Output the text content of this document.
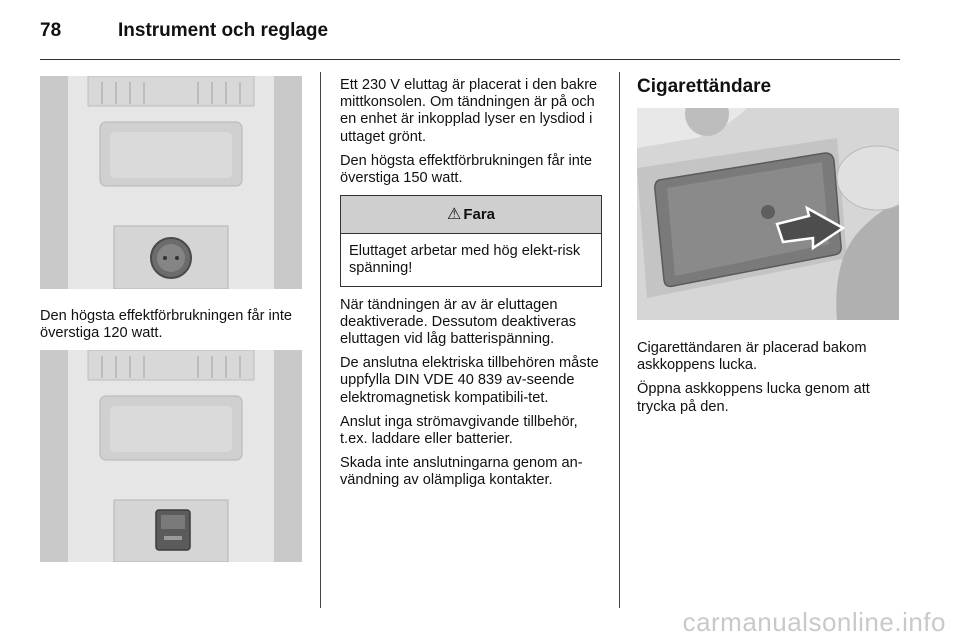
78	Instrument och reglage

Den högsta effektförbrukningen får inte överstiga 120 watt.

Ett 230 V eluttag är placerat i den bakre mittkonsolen. Om tändningen är på och en enhet är inkopplad lyser en lysdiod i uttaget grönt.

Den högsta effektförbrukningen får inte överstiga 150 watt.

⚠ Fara
Eluttaget arbetar med hög elekt-risk spänning!

När tändningen är av är eluttagen deaktiverade. Dessutom deaktiveras eluttagen vid låg batterispänning.

De anslutna elektriska tillbehören måste uppfylla DIN VDE 40 839 av-seende elektromagnetisk kompatibili-tet.

Anslut inga strömavgivande tillbehör, t.ex. laddare eller batterier.

Skada inte anslutningarna genom an-vändning av olämpliga kontakter.

Cigarettändare

Cigarettändaren är placerad bakom askkoppens lucka.

Öppna askkoppens lucka genom att trycka på den.

carmanualsonline.info
